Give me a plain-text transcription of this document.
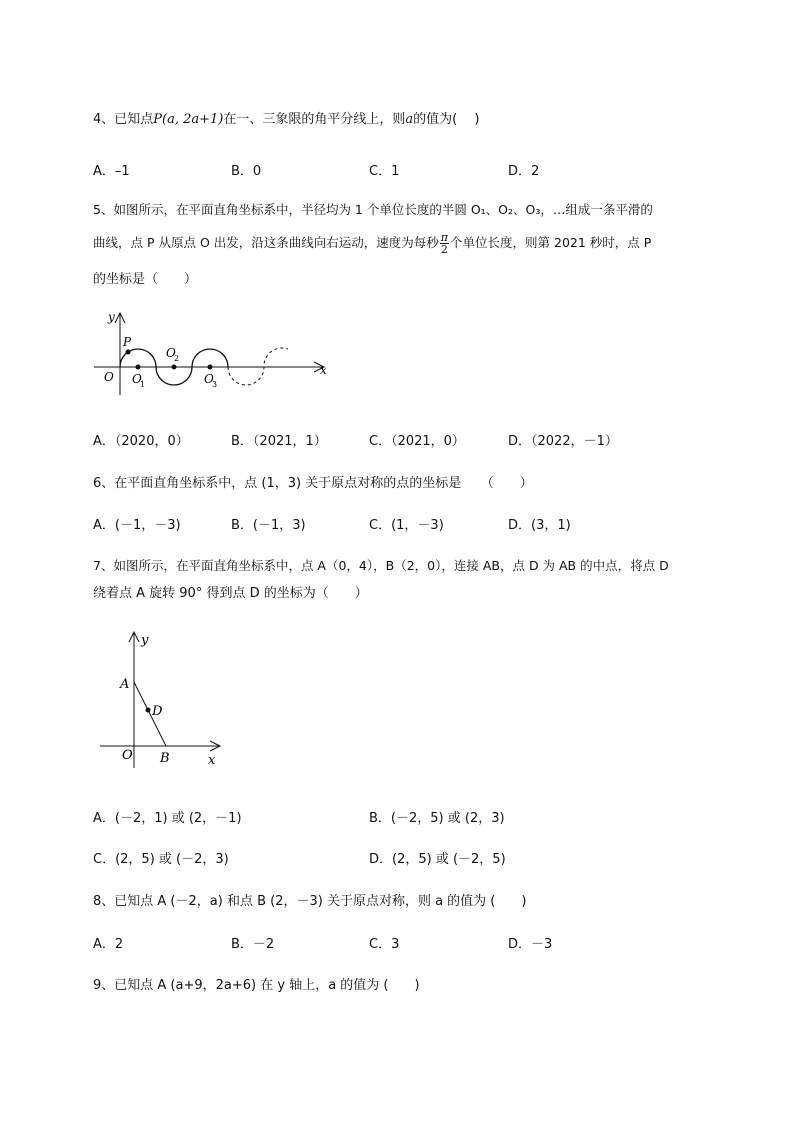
4、已知点P(a, 2a+1)在一、三象限的角平分线上，则a的值为(　 )
A．–1	B．0	C．1	D．2
5、如图所示，在平面直角坐标系中，半径均为 1 个单位长度的半圆 O₁、O₂、O₃，…组成一条平滑的
曲线，点 P 从原点 O 出发，沿这条曲线向右运动，速度为每秒 $\frac{\pi}{2}$ 个单位长度，则第 2021 秒时，点 P
的坐标是（　　）
y
x
O
P
O
1
O
2
O
3
A．（2020，0）	B．（2021，1）	C．（2021，0）	D．（2022，－1）
6、在平面直角坐标系中，点 (1，3) 关于原点对称的点的坐标是　　（　　）
A．(－1，－3)	B．(－1，3)	C．(1，－3)	D．(3，1)
7、如图所示，在平面直角坐标系中，点 A（0，4），B（2，0），连接 AB，点 D 为 AB 的中点，将点 D
绕着点 A 旋转 90° 得到点 D 的坐标为（　　）
y
x
O
A
B
D
A．(－2，1) 或 (2，－1)	B．(－2，5) 或 (2，3)
C．(2，5) 或 (－2，3)	D．(2，5) 或 (－2，5)
8、已知点 A (－2，a) 和点 B (2，－3) 关于原点对称，则 a 的值为 (　　)
A．2	B．－2	C．3	D．－3
9、已知点 A (a+9，2a+6) 在 y 轴上，a 的值为 (　　)
